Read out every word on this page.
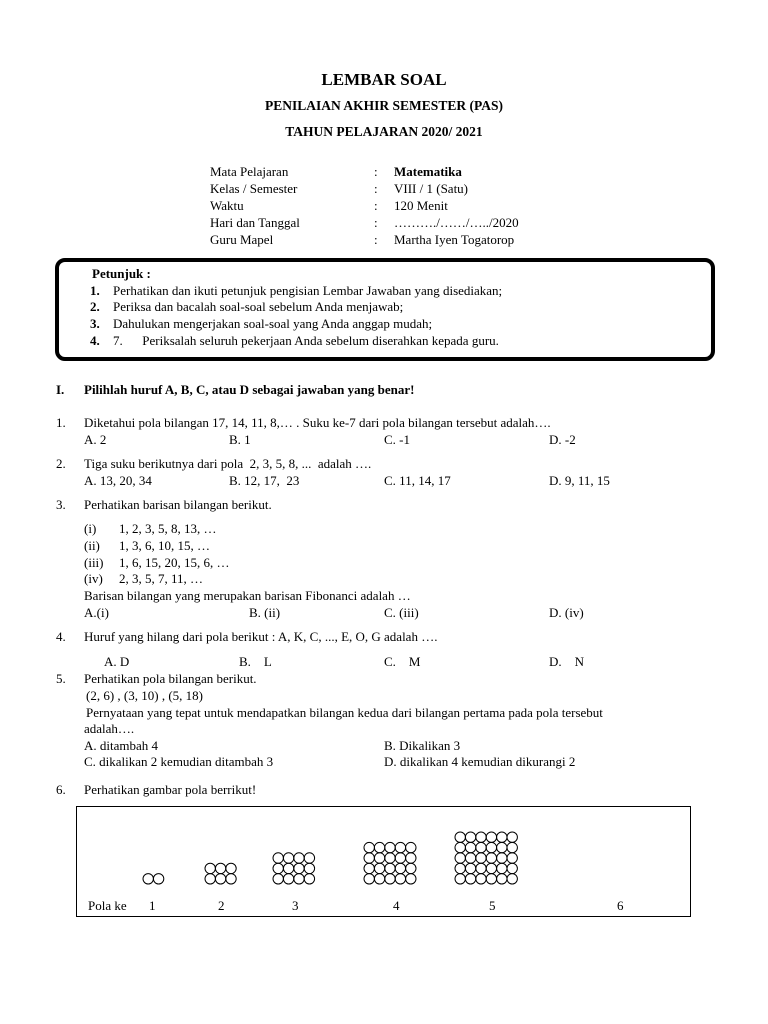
LEMBAR SOAL
PENILAIAN AKHIR SEMESTER (PAS)
TAHUN PELAJARAN 2020/ 2021
Mata Pelajaran	: Matematika
Kelas / Semester	: VIII / 1 (Satu)
Waktu	: 120 Menit
Hari dan Tanggal	: ………./……/…../2020
Guru Mapel	: Martha Iyen Togatorop
Petunjuk :
1. Perhatikan dan ikuti petunjuk pengisian Lembar Jawaban yang disediakan;
2. Periksa dan bacalah soal-soal sebelum Anda menjawab;
3. Dahulukan mengerjakan soal-soal yang Anda anggap mudah;
4. 7.      Periksalah seluruh pekerjaan Anda sebelum diserahkan kepada guru.
I. Pilihlah huruf A, B, C, atau D sebagai jawaban yang benar!
1. Diketahui pola bilangan 17, 14, 11, 8,… . Suku ke-7 dari pola bilangan tersebut adalah….
A. 2	B. 1	C. -1	D. -2
2. Tiga suku berikutnya dari pola  2, 3, 5, 8, ...  adalah ….
A. 13, 20, 34	B. 12, 17,  23	C. 11, 14, 17	D. 9, 11, 15
3. Perhatikan barisan bilangan berikut.
(i) 1, 2, 3, 5, 8, 13, …
(ii) 1, 3, 6, 10, 15, …
(iii) 1, 6, 15, 20, 15, 6, …
(iv) 2, 3, 5, 7, 11, …
Barisan bilangan yang merupakan barisan Fibonanci adalah …
A.(i)	B. (ii)	C. (iii)	D. (iv)
4. Huruf yang hilang dari pola berikut : A, K, C, ..., E, O, G adalah ….
A. D	B.    L	C.    M	D.    N
5. Perhatikan pola bilangan berikut.
(2, 6) , (3, 10) , (5, 18)
Pernyataan yang tepat untuk mendapatkan bilangan kedua dari bilangan pertama pada pola tersebut
adalah….
A. ditambah 4	B. Dikalikan 3
C. dikalikan 2 kemudian ditambah 3	D. dikalikan 4 kemudian dikurangi 2
6. Perhatikan gambar pola berrikut!
Pola ke 1	2	3	4	5	6
